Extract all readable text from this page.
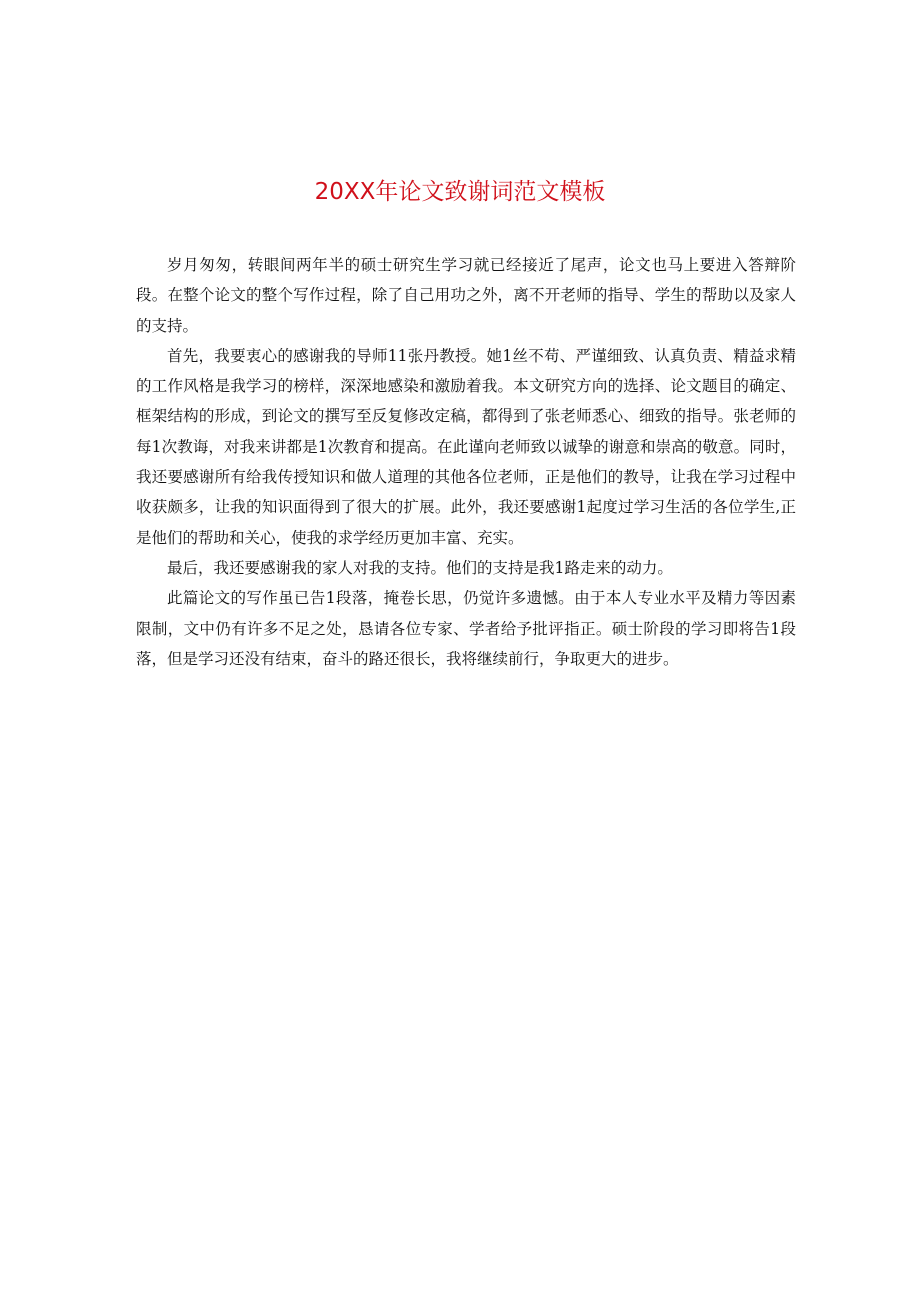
20XX年论文致谢词范文模板

岁月匆匆，转眼间两年半的硕士研究生学习就已经接近了尾声，论文也马上要进入答辩阶段。在整个论文的整个写作过程，除了自己用功之外，离不开老师的指导、学生的帮助以及家人的支持。

首先，我要衷心的感谢我的导师11张丹教授。她1丝不苟、严谨细致、认真负责、精益求精的工作风格是我学习的榜样，深深地感染和激励着我。本文研究方向的选择、论文题目的确定、框架结构的形成，到论文的撰写至反复修改定稿，都得到了张老师悉心、细致的指导。张老师的每1次教诲，对我来讲都是1次教育和提高。在此谨向老师致以诚挚的谢意和崇高的敬意。同时，我还要感谢所有给我传授知识和做人道理的其他各位老师，正是他们的教导，让我在学习过程中收获颇多，让我的知识面得到了很大的扩展。此外，我还要感谢1起度过学习生活的各位学生,正是他们的帮助和关心，使我的求学经历更加丰富、充实。

最后，我还要感谢我的家人对我的支持。他们的支持是我1路走来的动力。

此篇论文的写作虽已告1段落，掩卷长思，仍觉许多遗憾。由于本人专业水平及精力等因素限制，文中仍有许多不足之处，恳请各位专家、学者给予批评指正。硕士阶段的学习即将告1段落，但是学习还没有结束，奋斗的路还很长，我将继续前行，争取更大的进步。
